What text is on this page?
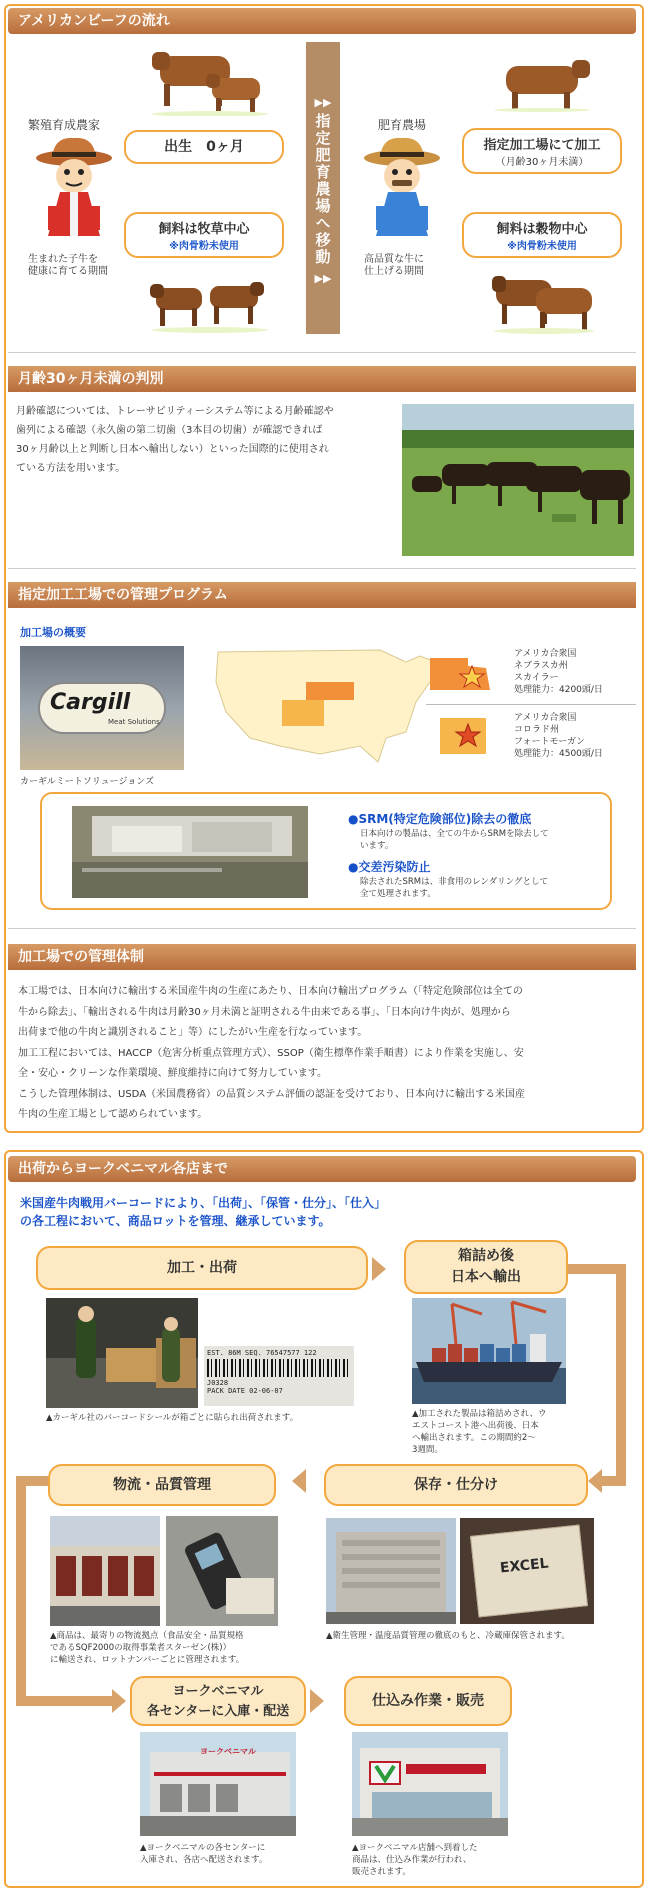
アメリカンビーフの流れ
繁殖育成農家
生まれた子牛を
健康に育てる期間
出生　0ヶ月
飼料は牧草中心
※肉骨粉未使用
▶▶
指定肥育農場へ移動
▶▶
肥育農場
高品質な牛に
仕上げる期間
指定加工場にて加工
（月齢30ヶ月未満）
飼料は穀物中心
※肉骨粉未使用
月齢30ヶ月未満の判別
月齢確認については、トレーサビリティーシステム等による月齢確認や
歯列による確認（永久歯の第二切歯（3本目の切歯）が確認できれば
30ヶ月齢以上と判断し日本へ輸出しない）といった国際的に使用され
ている方法を用います。
指定加工工場での管理プログラム
加工場の概要
Cargill
Meat Solutions
カーギルミートソリュージョンズ
アメリカ合衆国
ネブラスカ州
スカイラー
処理能力：4200頭/日
アメリカ合衆国
コロラド州
フォートモーガン
処理能力：4500頭/日
●SRM(特定危険部位)除去の徹底
日本向けの製品は、全ての牛からSRMを除去して
います。
●交差汚染防止
除去されたSRMは、非食用のレンダリングとして
全て処理されます。
加工場での管理体制
本工場では、日本向けに輸出する米国産牛肉の生産にあたり、日本向け輸出プログラム（「特定危険部位は全ての
牛から除去」、「輸出される牛肉は月齢30ヶ月未満と証明される牛由来である事」、「日本向け牛肉が、処理から
出荷まで他の牛肉と識別されること」等）にしたがい生産を行なっています。
加工工程においては、HACCP（危害分析重点管理方式）、SSOP（衛生標準作業手順書）により作業を実施し、安
全・安心・クリーンな作業環境、鮮度維持に向けて努力しています。
こうした管理体制は、USDA（米国農務省）の品質システム評価の認証を受けており、日本向けに輸出する米国産
牛肉の生産工場として認められています。
出荷からヨークベニマル各店まで
米国産牛肉戦用バーコードにより、「出荷」、「保管・仕分」、「仕入」
の各工程において、商品ロットを管理、継承しています。
加工・出荷
箱詰め後
日本へ輸出
EST. 86M SEQ. 76547577 122
J0328
PACK DATE 02-06-07
▲カーギル社のバーコードシールが箱ごとに貼られ出荷されます。	▲加工された製品は箱詰めされ、ウ
エストコースト港へ出荷後、日本
へ輸出されます。この期間約2〜
3週間。
物流・品質管理	保存・仕分け
▲商品は、最寄りの物流拠点（食品安全・品質規格
であるSQF2000の取得事業者スターゼン(株)）
に輸送され、ロットナンバーごとに管理されます。
EXCEL
▲衛生管理・温度品質管理の徹底のもと、冷蔵庫保管されます。
ヨークベニマル
各センターに入庫・配送
仕込み作業・販売
ヨークベニマル
▲ヨークベニマルの各センターに
入庫され、各店へ配送されます。
▲ヨークベニマル店舗へ到着した
商品は、仕込み作業が行われ、
販売されます。
